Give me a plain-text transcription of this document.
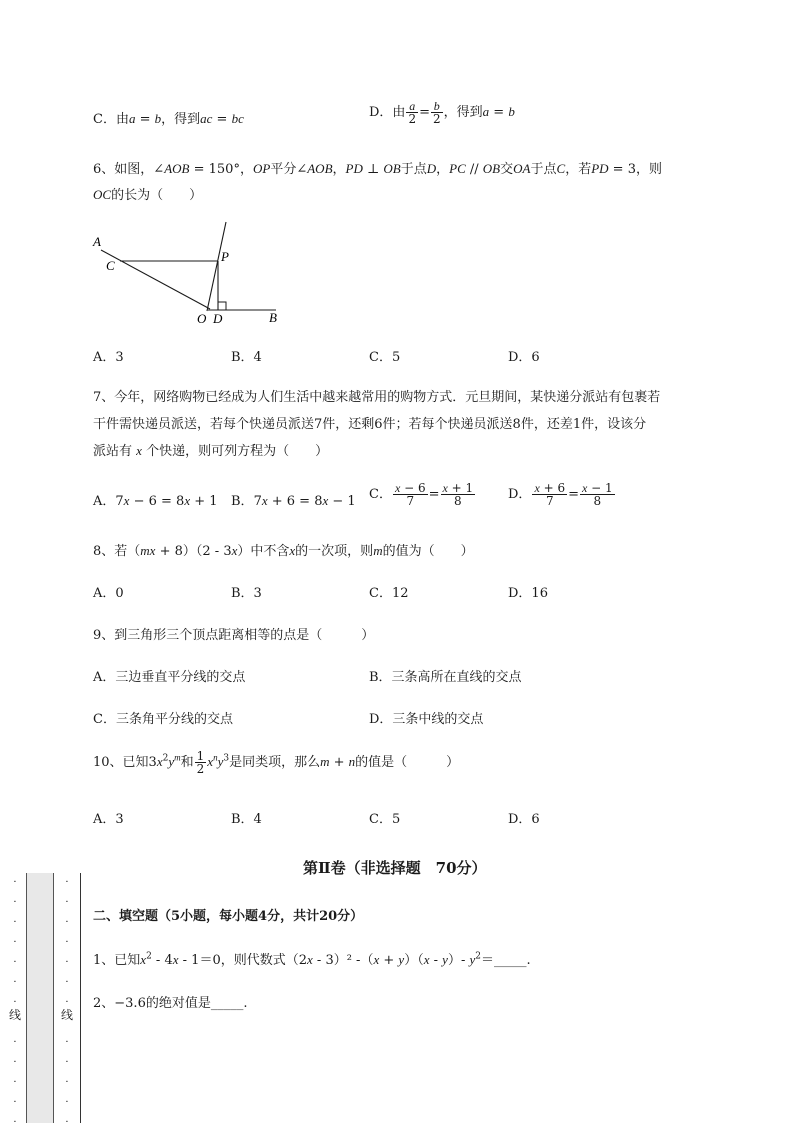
C．由a = b，得到ac = bc	D．由 $\frac{a}{2} = \frac{b}{2}$ ，得到a = b
6、如图，∠AOB = 150°，OP平分∠AOB，PD ⊥ OB于点D，PC // OB交OA于点C，若PD = 3，则
OC的长为（　　）
A
C
P
O D	B
A．3	B．4	C．5	D．6
7、今年，网络购物已经成为人们生活中越来越常用的购物方式．元旦期间，某快递分派站有包裹若
干件需快递员派送，若每个快递员派送7件，还剩6件；若每个快递员派送8件，还差1件，设该分
派站有 x 个快递，则可列方程为（　　）
A．7x − 6 = 8x + 1 B．7x + 6 = 8x − 1 C． $\frac{x - 6}{7} = \frac{x + 1}{8}$	D． $\frac{x + 6}{7} = \frac{x - 1}{8}$
8、若（mx + 8）（2 - 3x）中不含x的一次项，则m的值为（　　）
A．0	B．3	C．12	D．16
9、到三角形三个顶点距离相等的点是（　　　）
A．三边垂直平分线的交点	B．三条高所在直线的交点
C．三条角平分线的交点	D．三条中线的交点
10、已知$3x^2y^m$和 $\frac{1}{2} x^ny^3$是同类项，那么m + n的值是（　　　）
A．3	B．4	C．5	D．6
第Ⅱ卷（非选择题　70分）
二、填空题（5小题，每小题4分，共计20分）
1、已知$x^2 - 4x - 1=0$，则代数式（2x - 3）² -（x + y）（x - y）- $y^2=\_\_\_\_\_$.
2、−3.6的绝对值是_____.
·
·
·
·
·
·
·

·
·
·
·
·
·
·
·
·
·
·
·

·
·
·
·
·
线	线
